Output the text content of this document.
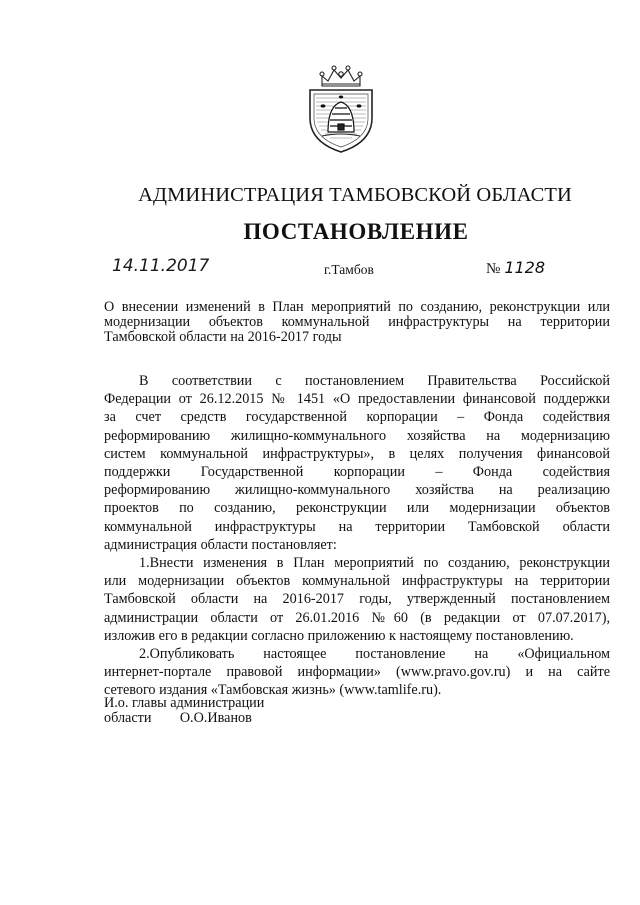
АДМИНИСТРАЦИЯ ТАМБОВСКОЙ ОБЛАСТИ
ПОСТАНОВЛЕНИЕ
14.11.2017	г.Тамбов	№ 1128
О внесении изменений в План мероприятий по созданию, реконструкции или
модернизации объектов коммунальной инфраструктуры на территории
Тамбовской области на 2016-2017 годы
В соответствии с постановлением Правительства Российской
Федерации от 26.12.2015 № 1451 «О предоставлении финансовой поддержки
за счет средств государственной корпорации – Фонда содействия
реформированию жилищно-коммунального хозяйства на модернизацию
систем коммунальной инфраструктуры», в целях получения финансовой
поддержки Государственной корпорации – Фонда содействия
реформированию жилищно-коммунального хозяйства на реализацию
проектов по созданию, реконструкции или модернизации объектов
коммунальной инфраструктуры на территории Тамбовской области
администрация области постановляет:
1.Внести изменения в План мероприятий по созданию, реконструкции
или модернизации объектов коммунальной инфраструктуры на территории
Тамбовской области на 2016-2017 годы, утвержденный постановлением
администрации области от 26.01.2016 №60 (в редакции от 07.07.2017),
изложив его в редакции согласно приложению к настоящему постановлению.
2.Опубликовать настоящее постановление на «Официальном
интернет-портале правовой информации» (www.pravo.gov.ru) и на сайте
сетевого издания «Тамбовская жизнь» (www.tamlife.ru).
И.о. главы администрации
области О.О.Иванов
